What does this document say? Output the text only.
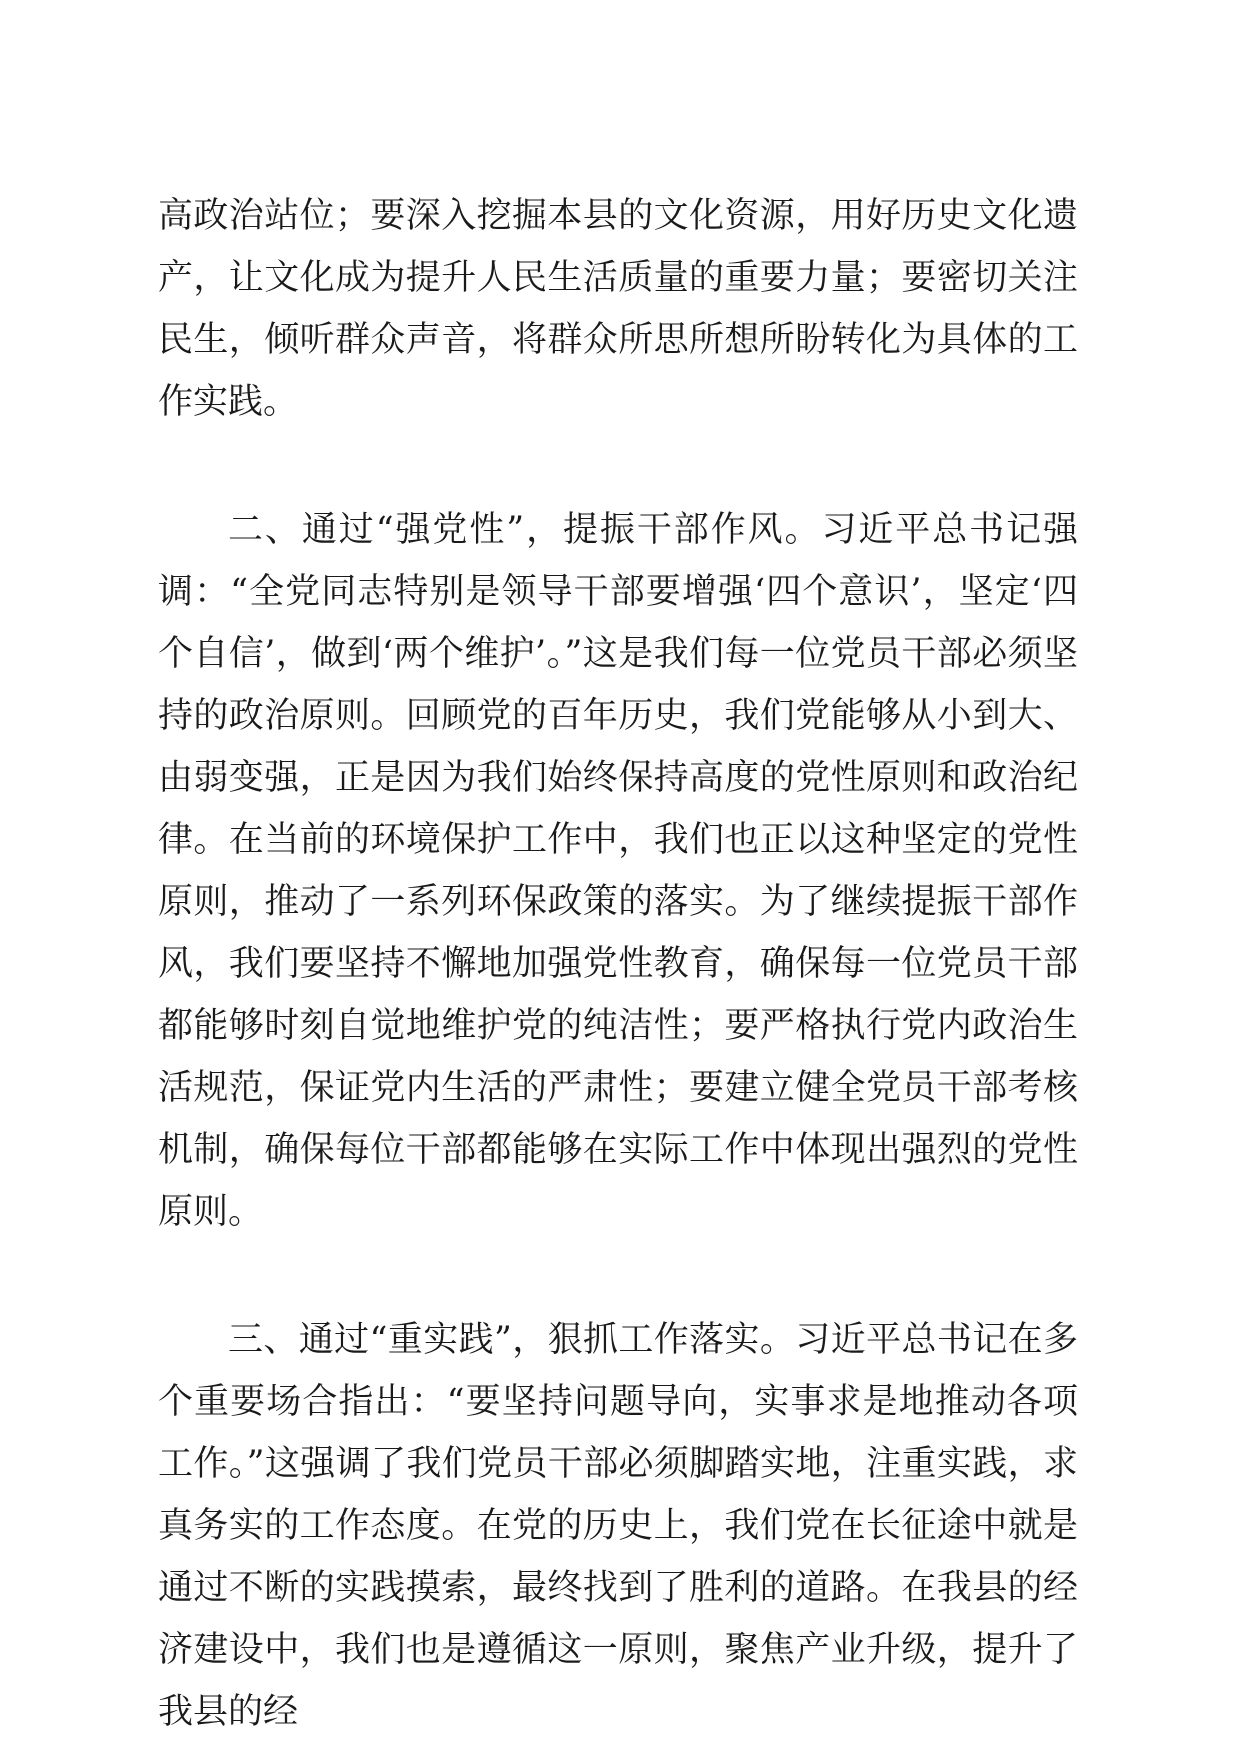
高政治站位；要深入挖掘本县的文化资源，用好历史文化遗产，让文化成为提升人民生活质量的重要力量；要密切关注民生，倾听群众声音，将群众所思所想所盼转化为具体的工作实践。

二、通过“强党性”，提振干部作风。习近平总书记强调：“全党同志特别是领导干部要增强‘四个意识’，坚定‘四个自信’，做到‘两个维护’。”这是我们每一位党员干部必须坚持的政治原则。回顾党的百年历史，我们党能够从小到大、由弱变强，正是因为我们始终保持高度的党性原则和政治纪律。在当前的环境保护工作中，我们也正以这种坚定的党性原则，推动了一系列环保政策的落实。为了继续提振干部作风，我们要坚持不懈地加强党性教育，确保每一位党员干部都能够时刻自觉地维护党的纯洁性；要严格执行党内政治生活规范，保证党内生活的严肃性；要建立健全党员干部考核机制，确保每位干部都能够在实际工作中体现出强烈的党性原则。

三、通过“重实践”，狠抓工作落实。习近平总书记在多个重要场合指出：“要坚持问题导向，实事求是地推动各项工作。”这强调了我们党员干部必须脚踏实地，注重实践，求真务实的工作态度。在党的历史上，我们党在长征途中就是通过不断的实践摸索，最终找到了胜利的道路。在我县的经济建设中，我们也是遵循这一原则，聚焦产业升级，提升了我县的经
